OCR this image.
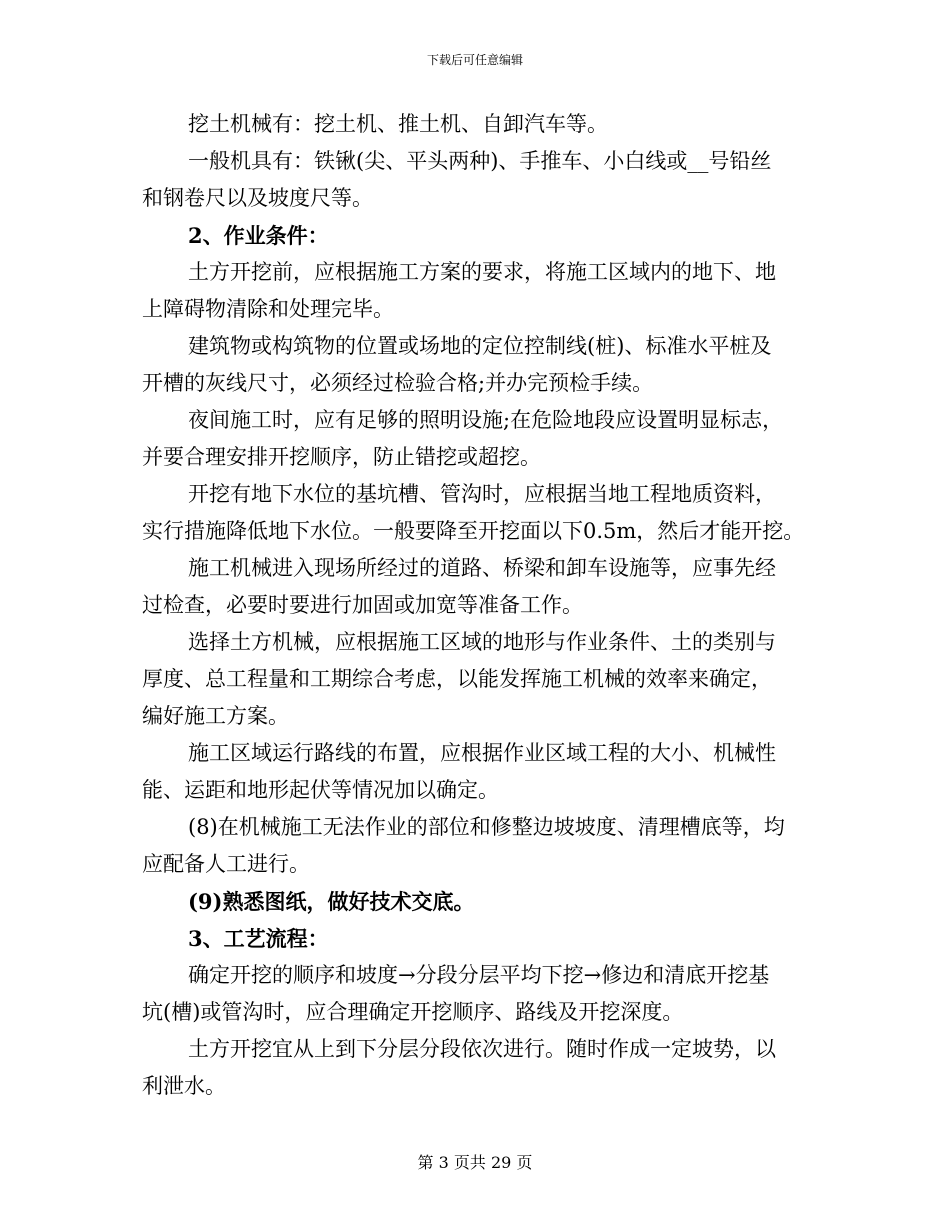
下载后可任意编辑
挖土机械有：挖土机、推土机、自卸汽车等。
一般机具有：铁锹(尖、平头两种)、手推车、小白线或__号铅丝
和钢卷尺以及坡度尺等。
2、作业条件：
土方开挖前，应根据施工方案的要求，将施工区域内的地下、地
上障碍物清除和处理完毕。
建筑物或构筑物的位置或场地的定位控制线(桩)、标准水平桩及
开槽的灰线尺寸，必须经过检验合格;并办完预检手续。
夜间施工时，应有足够的照明设施;在危险地段应设置明显标志，
并要合理安排开挖顺序，防止错挖或超挖。
开挖有地下水位的基坑槽、管沟时，应根据当地工程地质资料，
实行措施降低地下水位。一般要降至开挖面以下0.5m，然后才能开挖。
施工机械进入现场所经过的道路、桥梁和卸车设施等，应事先经
过检查，必要时要进行加固或加宽等准备工作。
选择土方机械，应根据施工区域的地形与作业条件、土的类别与
厚度、总工程量和工期综合考虑，以能发挥施工机械的效率来确定，
编好施工方案。
施工区域运行路线的布置，应根据作业区域工程的大小、机械性
能、运距和地形起伏等情况加以确定。
(8)在机械施工无法作业的部位和修整边坡坡度、清理槽底等，均
应配备人工进行。
(9)熟悉图纸，做好技术交底。
3、工艺流程：
确定开挖的顺序和坡度→分段分层平均下挖→修边和清底开挖基
坑(槽)或管沟时，应合理确定开挖顺序、路线及开挖深度。
土方开挖宜从上到下分层分段依次进行。随时作成一定坡势，以
利泄水。
第 3 页共 29 页
